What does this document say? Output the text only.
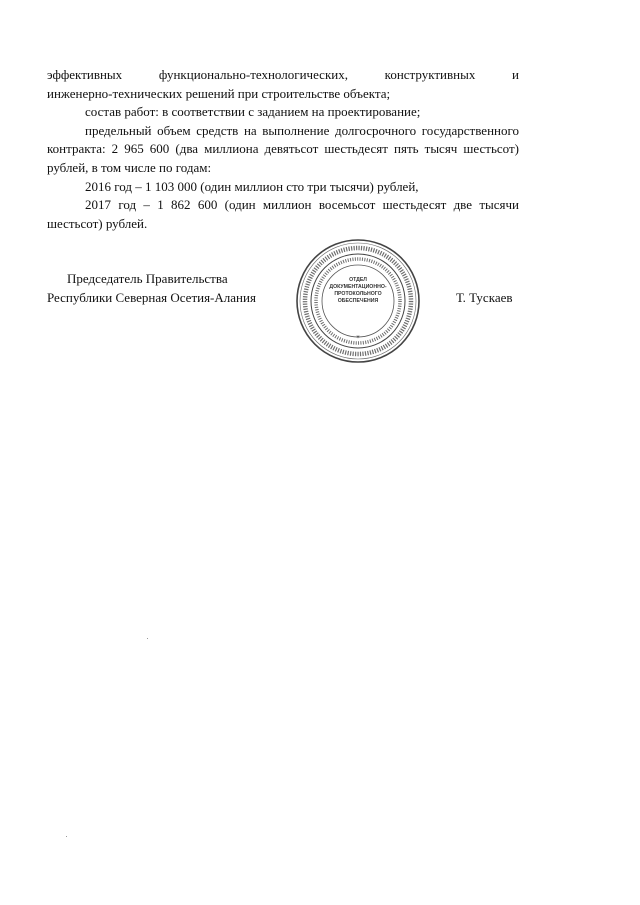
эффективных функционально-технологических, конструктивных и

инженерно-технических решений при строительстве объекта;

состав работ: в соответствии с заданием на проектирование;

предельный объем средств на выполнение долгосрочного государственного контракта: 2 965 600 (два миллиона девятьсот шестьдесят пять тысяч шестьсот) рублей, в том числе по годам:

2016 год – 1 103 000 (один миллион сто три тысячи) рублей,

2017 год – 1 862 600 (один миллион восемьсот шестьдесят две тысячи шестьсот) рублей.

Председатель Правительства
Республики Северная Осетия-Алания	Т. Тускаев
*
ОТДЕЛ
ДОКУМЕНТАЦИОННО-
ПРОТОКОЛЬНОГО
ОБЕСПЕЧЕНИЯ
